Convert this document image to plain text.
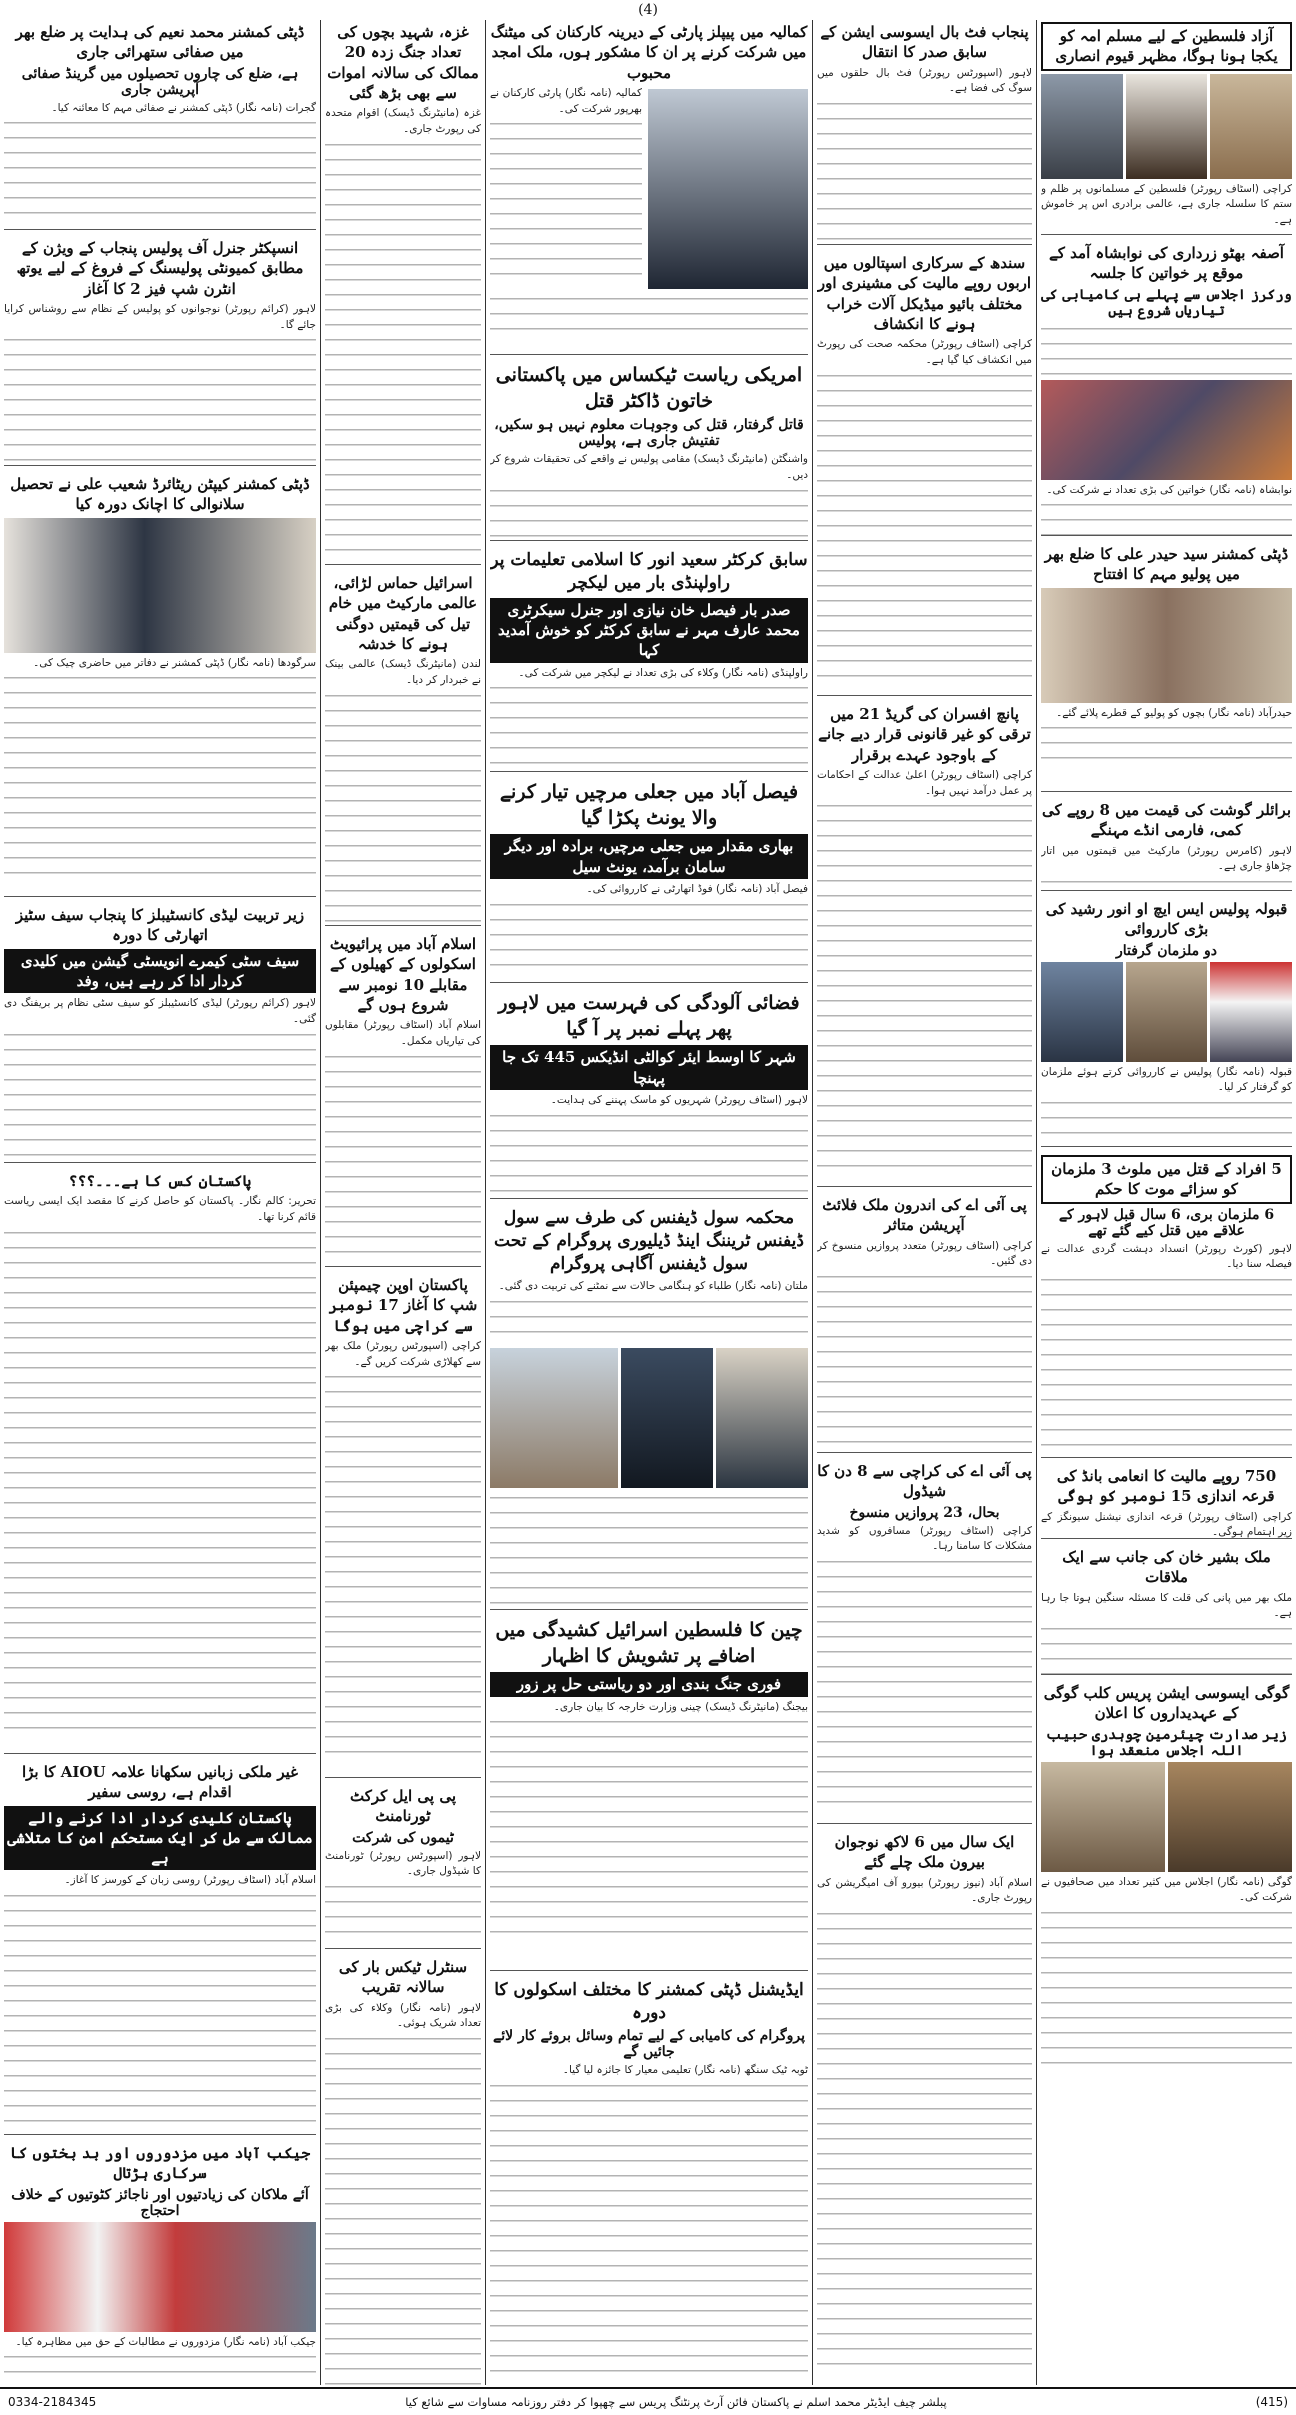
(4)
آزاد فلسطین کے لیے مسلم امہ کو یکجا ہونا ہوگا، مظہر قیوم انصاری
کراچی (اسٹاف رپورٹر) فلسطین کے مسلمانوں پر ظلم و ستم کا سلسلہ جاری ہے، عالمی برادری اس پر خاموش ہے۔
آصفہ بھٹو زرداری کی نوابشاہ آمد کے موقع پر خواتین کا جلسہ
ورکرز اجلاس سے پہلے ہی کامیابی کی تیاریاں شروع ہیں
نوابشاہ (نامہ نگار) خواتین کی بڑی تعداد نے شرکت کی۔
ڈپٹی کمشنر سید حیدر علی کا ضلع بھر میں پولیو مہم کا افتتاح
حیدرآباد (نامہ نگار) بچوں کو پولیو کے قطرے پلائے گئے۔
برائلر گوشت کی قیمت میں 8 روپے کی کمی، فارمی انڈے مہنگے
لاہور (کامرس رپورٹر) مارکیٹ میں قیمتوں میں اتار چڑھاؤ جاری ہے۔
قبولہ پولیس ایس ایچ او انور رشید کی بڑی کارروائی
دو ملزمان گرفتار
قبولہ (نامہ نگار) پولیس نے کارروائی کرتے ہوئے ملزمان کو گرفتار کر لیا۔
5 افراد کے قتل میں ملوث 3 ملزمان کو سزائے موت کا حکم
6 ملزمان بری، 6 سال قبل لاہور کے علاقے میں قتل کیے گئے تھے
لاہور (کورٹ رپورٹر) انسداد دہشت گردی عدالت نے فیصلہ سنا دیا۔
750 روپے مالیت کا انعامی بانڈ کی قرعہ اندازی 15 نومبر کو ہوگی
کراچی (اسٹاف رپورٹر) قرعہ اندازی نیشنل سیونگز کے زیر اہتمام ہوگی۔
ملک بشیر خان کی جانب سے ایک ملاقات
ملک بھر میں پانی کی قلت کا مسئلہ سنگین ہوتا جا رہا ہے۔
گوگی ایسوسی ایشن پریس کلب گوگی کے عہدیداروں کا اعلان
زیر صدارت چیئرمین چوہدری حبیب اللہ اجلاس منعقد ہوا
گوگی (نامہ نگار) اجلاس میں کثیر تعداد میں صحافیوں نے شرکت کی۔
پنجاب فٹ بال ایسوسی ایشن کے سابق صدر کا انتقال
لاہور (اسپورٹس رپورٹر) فٹ بال حلقوں میں سوگ کی فضا ہے۔
سندھ کے سرکاری اسپتالوں میں اربوں روپے مالیت کی مشینری اور مختلف بائیو میڈیکل آلات خراب ہونے کا انکشاف
کراچی (اسٹاف رپورٹر) محکمہ صحت کی رپورٹ میں انکشاف کیا گیا ہے۔
پانچ افسران کی گریڈ 21 میں ترقی کو غیر قانونی قرار دیے جانے کے باوجود عہدے برقرار
کراچی (اسٹاف رپورٹر) اعلیٰ عدالت کے احکامات پر عمل درآمد نہیں ہوا۔
پی آئی اے کی اندرون ملک فلائٹ آپریشن متاثر
کراچی (اسٹاف رپورٹر) متعدد پروازیں منسوخ کر دی گئیں۔
پی آئی اے کی کراچی سے 8 دن کا شیڈول
بحال، 23 پروازیں منسوخ
کراچی (اسٹاف رپورٹر) مسافروں کو شدید مشکلات کا سامنا رہا۔
ایک سال میں 6 لاکھ نوجوان بیرون ملک چلے گئے
اسلام آباد (نیوز رپورٹر) بیورو آف امیگریشن کی رپورٹ جاری۔
کمالیہ میں پیپلز پارٹی کے دیرینہ کارکنان کی میٹنگ میں شرکت کرنے پر ان کا مشکور ہوں، ملک امجد محبوب
کمالیہ (نامہ نگار) پارٹی کارکنان نے بھرپور شرکت کی۔
امریکی ریاست ٹیکساس میں پاکستانی خاتون ڈاکٹر قتل
قاتل گرفتار، قتل کی وجوہات معلوم نہیں ہو سکیں، تفتیش جاری ہے، پولیس
واشنگٹن (مانیٹرنگ ڈیسک) مقامی پولیس نے واقعے کی تحقیقات شروع کر دیں۔
سابق کرکٹر سعید انور کا اسلامی تعلیمات پر راولپنڈی بار میں لیکچر
صدر بار فیصل خان نیازی اور جنرل سیکرٹری محمد عارف مہر نے سابق کرکٹر کو خوش آمدید کہا
راولپنڈی (نامہ نگار) وکلاء کی بڑی تعداد نے لیکچر میں شرکت کی۔
فیصل آباد میں جعلی مرچیں تیار کرنے والا یونٹ پکڑا گیا
بھاری مقدار میں جعلی مرچیں، برادہ اور دیگر سامان برآمد، یونٹ سیل
فیصل آباد (نامہ نگار) فوڈ اتھارٹی نے کارروائی کی۔
فضائی آلودگی کی فہرست میں لاہور پھر پہلے نمبر پر آ گیا
شہر کا اوسط ایئر کوالٹی انڈیکس 445 تک جا پہنچا
لاہور (اسٹاف رپورٹر) شہریوں کو ماسک پہننے کی ہدایت۔
محکمہ سول ڈیفنس کی طرف سے سول ڈیفنس ٹریننگ اینڈ ڈیلیوری پروگرام کے تحت سول ڈیفنس آگاہی پروگرام
ملتان (نامہ نگار) طلباء کو ہنگامی حالات سے نمٹنے کی تربیت دی گئی۔
چین کا فلسطین اسرائیل کشیدگی میں اضافے پر تشویش کا اظہار
فوری جنگ بندی اور دو ریاستی حل پر زور
بیجنگ (مانیٹرنگ ڈیسک) چینی وزارت خارجہ کا بیان جاری۔
ایڈیشنل ڈپٹی کمشنر کا مختلف اسکولوں کا دورہ
پروگرام کی کامیابی کے لیے تمام وسائل بروئے کار لائے جائیں گے
ٹوبہ ٹیک سنگھ (نامہ نگار) تعلیمی معیار کا جائزہ لیا گیا۔
غزہ، شہید بچوں کی تعداد جنگ زدہ 20 ممالک کی سالانہ اموات سے بھی بڑھ گئی
غزہ (مانیٹرنگ ڈیسک) اقوام متحدہ کی رپورٹ جاری۔
اسرائیل حماس لڑائی، عالمی مارکیٹ میں خام تیل کی قیمتیں دوگنی ہونے کا خدشہ
لندن (مانیٹرنگ ڈیسک) عالمی بینک نے خبردار کر دیا۔
اسلام آباد میں پرائیویٹ اسکولوں کے کھیلوں کے مقابلے 10 نومبر سے شروع ہوں گے
اسلام آباد (اسٹاف رپورٹر) مقابلوں کی تیاریاں مکمل۔
پاکستان اوپن چیمپئن شپ کا آغاز 17 نومبر سے کراچی میں ہوگا
کراچی (اسپورٹس رپورٹر) ملک بھر سے کھلاڑی شرکت کریں گے۔
پی پی ایل کرکٹ ٹورنامنٹ
ٹیموں کی شرکت
لاہور (اسپورٹس رپورٹر) ٹورنامنٹ کا شیڈول جاری۔
سنٹرل ٹیکس بار کی سالانہ تقریب
لاہور (نامہ نگار) وکلاء کی بڑی تعداد شریک ہوئی۔
ڈپٹی کمشنر محمد نعیم کی ہدایت پر ضلع بھر میں صفائی ستھرائی جاری
ہے، ضلع کی چاروں تحصیلوں میں گرینڈ صفائی آپریشن جاری
گجرات (نامہ نگار) ڈپٹی کمشنر نے صفائی مہم کا معائنہ کیا۔
انسپکٹر جنرل آف پولیس پنجاب کے ویژن کے مطابق کمیونٹی پولیسنگ کے فروغ کے لیے یوتھ انٹرن شپ فیز 2 کا آغاز
لاہور (کرائم رپورٹر) نوجوانوں کو پولیس کے نظام سے روشناس کرایا جائے گا۔
ڈپٹی کمشنر کیپٹن ریٹائرڈ شعیب علی نے تحصیل سلانوالی کا اچانک دورہ کیا
سرگودھا (نامہ نگار) ڈپٹی کمشنر نے دفاتر میں حاضری چیک کی۔
زیر تربیت لیڈی کانسٹیبلز کا پنجاب سیف سٹیز اتھارٹی کا دورہ
سیف سٹی کیمرے انویسٹی گیشن میں کلیدی کردار ادا کر رہے ہیں، وفد
لاہور (کرائم رپورٹر) لیڈی کانسٹیبلز کو سیف سٹی نظام پر بریفنگ دی گئی۔
پاکستان کس کا ہے۔۔۔؟؟؟
تحریر: کالم نگار۔ پاکستان کو حاصل کرنے کا مقصد ایک ایسی ریاست قائم کرنا تھا۔
غیر ملکی زبانیں سکھانا علامہ AIOU کا بڑا اقدام ہے، روسی سفیر
پاکستان کلیدی کردار ادا کرنے والے ممالک سے مل کر ایک مستحکم امن کا متلاشی ہے
اسلام آباد (اسٹاف رپورٹر) روسی زبان کے کورسز کا آغاز۔
جیکب آباد میں مزدوروں اور بد بختوں کا سرکاری ہڑتال
آئے ملاکان کی زیادتیوں اور ناجائز کٹوتیوں کے خلاف احتجاج
جیکب آباد (نامہ نگار) مزدوروں نے مطالبات کے حق میں مظاہرہ کیا۔
(415)
پبلشر چیف ایڈیٹر محمد اسلم نے پاکستان فائن آرٹ پرنٹنگ پریس سے چھپوا کر دفتر روزنامہ مساوات سے شائع کیا
0334-2184345
